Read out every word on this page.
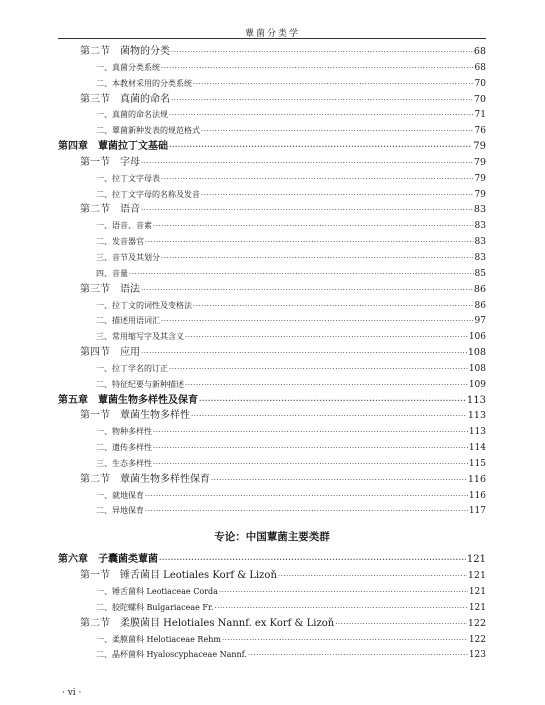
蕈菌分类学
第二节　菌物的分类 ·····	68
一、真菌分类系统 ·····	68
二、本教材采用的分类系统 ·····	70
第三节　真菌的命名 ·····	70
一、真菌的命名法规 ·····	71
二、蕈菌新种发表的规范格式 ·····	76
第四章　蕈菌拉丁文基础 ·····	79
第一节　字母 ·····	79
一、拉丁文字母表 ·····	79
二、拉丁文字母的名称及发音 ·····	79
第二节　语音 ·····	83
一、语音、音素 ·····	83
二、发音器官 ·····	83
三、音节及其划分 ·····	83
四、音量 ·····	85
第三节　语法 ·····	86
一、拉丁文的词性及变格法 ·····	86
二、描述用语词汇 ·····	97
三、常用缩写字及其含义 ·····	106
第四节　应用 ·····	108
一、拉丁学名的订正 ·····	108
二、特征纪要与新种描述 ·····	109
第五章　蕈菌生物多样性及保育 ·····	113
第一节　蕈菌生物多样性 ·····	113
一、物种多样性 ·····	113
二、遗传多样性 ·····	114
三、生态多样性 ·····	115
第二节　蕈菌生物多样性保育 ·····	116
一、就地保育 ·····	116
二、异地保育 ·····	117
专论：中国蕈菌主要类群
第六章　子囊菌类蕈菌 ·····	121
第一节　锤舌菌目 Leotiales Korf & Lizoň ·····	121
一、锤舌菌科 Leotiaceae Corda ·····	121
二、胶陀螺科 Bulgariaceae Fr. ·····	121
第二节　柔膜菌目 Helotiales Nannf. ex Korf & Lizoň ·····	122
一、柔膜菌科 Helotiaceae Rehm ·····	122
二、晶杯菌科 Hyaloscyphaceae Nannf. ·····	123
· vi ·
